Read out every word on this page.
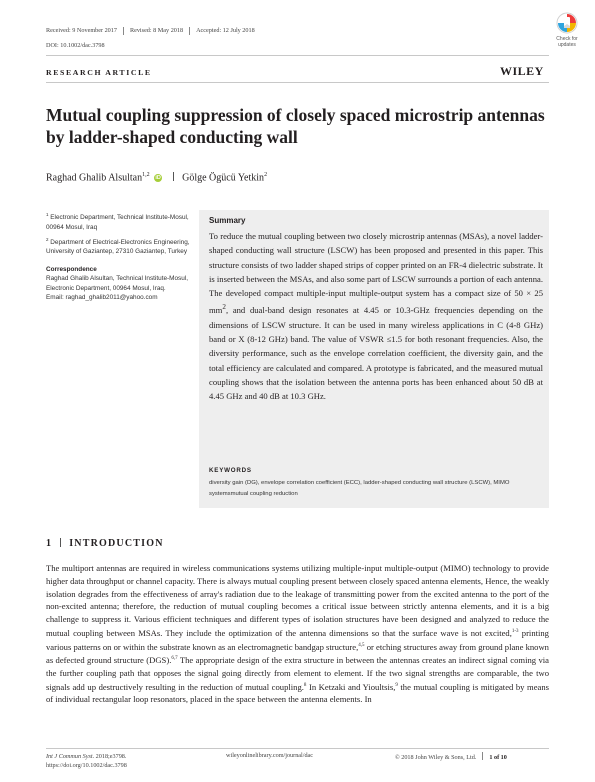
Received: 9 November 2017 Revised: 8 May 2018 Accepted: 12 July 2018
DOI: 10.1002/dac.3798
Check for
updates
RESEARCH ARTICLE	WILEY
Mutual coupling suppression of closely spaced microstrip antennas by ladder-shaped conducting wall
Raghad Ghalib Alsultan$^{1,2}$ iD Gölge Ögücü Yetkin$^2$
$^1$ Electronic Department, Technical Institute-Mosul, 00964 Mosul, Iraq
$^2$ Department of Electrical-Electronics Engineering, University of Gaziantep, 27310 Gaziantep, Turkey
Correspondence
Raghad Ghalib Alsultan, Technical Institute-Mosul, Electronic Department, 00964 Mosul, Iraq.
Email: raghad_ghalib2011@yahoo.com
Summary
To reduce the mutual coupling between two closely microstrip antennas (MSAs), a novel ladder-shaped conducting wall structure (LSCW) has been proposed and presented in this paper. This structure consists of two ladder shaped strips of copper printed on an FR-4 dielectric substrate. It is inserted between the MSAs, and also some part of LSCW surrounds a portion of each antenna. The developed compact multiple-input multiple-output system has a compact size of 50 × 25 $mm^2$, and dual-band design resonates at 4.45 or 10.3-GHz frequencies depending on the dimensions of LSCW structure. It can be used in many wireless applications in C (4-8 GHz) band or X (8-12 GHz) band. The value of VSWR ≤1.5 for both resonant frequencies. Also, the diversity performance, such as the envelope correlation coefficient, the diversity gain, and the total efficiency are calculated and compared. A prototype is fabricated, and the measured mutual coupling shows that the isolation between the antenna ports has been enhanced about 50 dB at 4.45 GHz and 40 dB at 10.3 GHz.
KEYWORDS
diversity gain (DG), envelope correlation coefficient (ECC), ladder-shaped conducting wall structure (LSCW), MIMO systemsmutual coupling reduction
1 INTRODUCTION

The multiport antennas are required in wireless communications systems utilizing multiple-input multiple-output (MIMO) technology to provide higher data throughput or channel capacity. There is always mutual coupling present between closely spaced antenna elements, Hence, the weakly isolation degrades from the effectiveness of array's radiation due to the leakage of transmitting power from the excited antenna to the port of the non-excited antenna; therefore, the reduction of mutual coupling becomes a critical issue between strictly antenna elements, and it is a big challenge to suppress it. Various efficient techniques and different types of isolation structures have been designed and analyzed to reduce the mutual coupling between MSAs. They include the optimization of the antenna dimensions so that the surface wave is not excited,$^{1-3}$ printing various patterns on or within the substrate known as an electromagnetic bandgap structure,$^{4,5}$ or etching structures away from ground plane known as defected ground structure (DGS).$^{6,7}$ The appropriate design of the extra structure in between the antennas creates an indirect signal coming via the further coupling path that opposes the signal going directly from element to element. If the two signal strengths are comparable, the two signals add up destructively resulting in the reduction of mutual coupling.$^8$ In Ketzaki and Yioultsis,$^9$ the mutual coupling is mitigated by means of individual rectangular loop resonators, placed in the space between the antenna elements. In

Int J Commun Syst. 2018;e3798.
https://doi.org/10.1002/dac.3798
wileyonlinelibrary.com/journal/dac	© 2018 John Wiley & Sons, Ltd. 1 of 10
